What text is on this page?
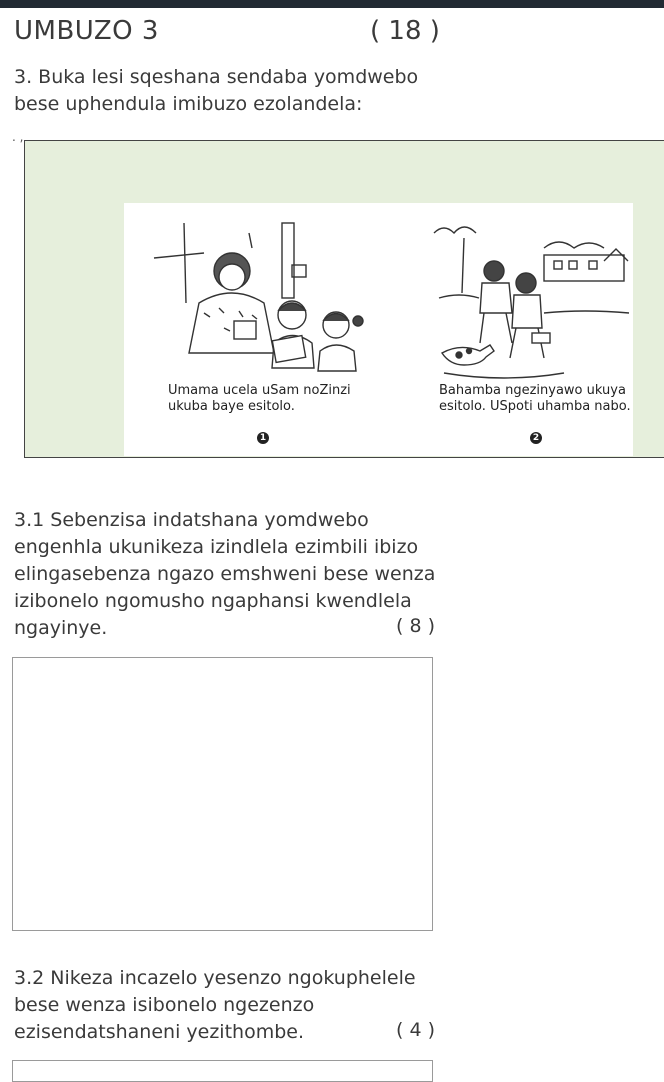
UMBUZO 3	( 18 )
3. Buka lesi sqeshana sendaba yomdwebo bese uphendula imibuzo ezolandela:
. ,
Umama ucela uSam noZinzi ukuba baye esitolo.
1
Bahamba ngezinyawo ukuya esitolo. USpoti uhamba nabo.
2
3.1 Sebenzisa indatshana yomdwebo engenhla ukunikeza izindlela ezimbili ibizo elingasebenza ngazo emshweni bese wenza izibonelo ngomusho ngaphansi kwendlela ngayinye.	( 8 )
3.2 Nikeza incazelo yesenzo ngokuphelele bese wenza isibonelo ngezenzo ezisendatshaneni yezithombe.	( 4 )
